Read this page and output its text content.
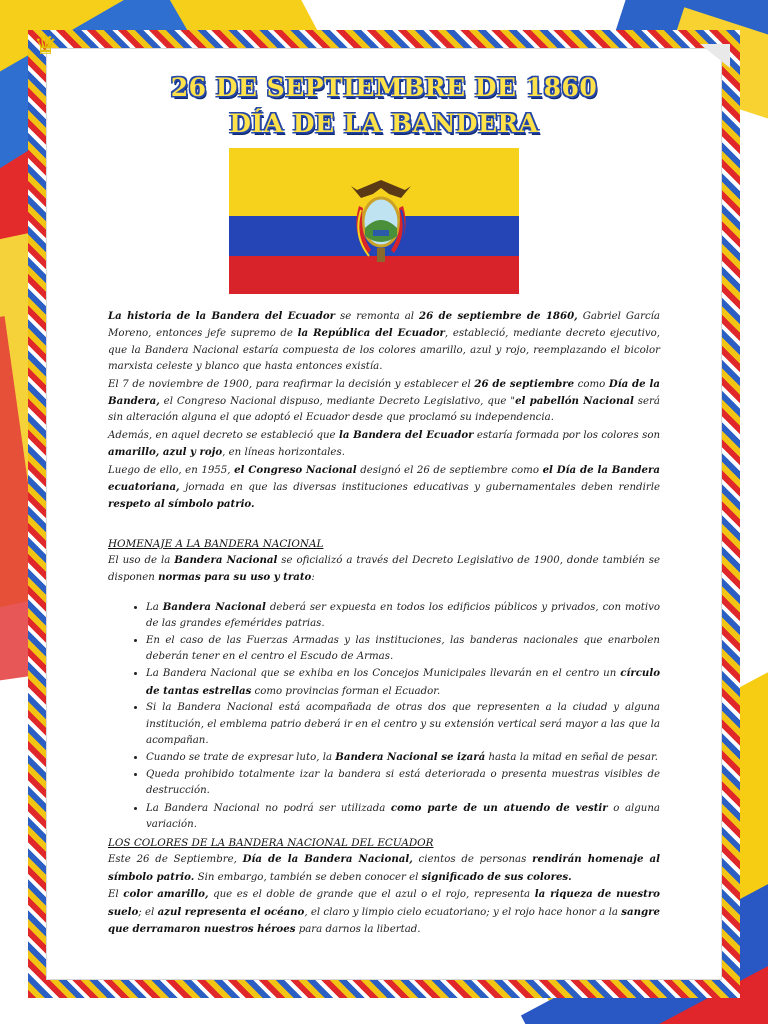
♛
26 DE SEPTIEMBRE DE 1860
DÍA DE LA BANDERA

La historia de la Bandera del Ecuador se remonta al 26 de septiembre de 1860, Gabriel García Moreno, entonces jefe supremo de la República del Ecuador, estableció, mediante decreto ejecutivo, que la Bandera Nacional estaría compuesta de los colores amarillo, azul y rojo, reemplazando el bicolor marxista celeste y blanco que hasta entonces existía.

El 7 de noviembre de 1900, para reafirmar la decisión y establecer el 26 de septiembre como Día de la Bandera, el Congreso Nacional dispuso, mediante Decreto Legislativo, que "el pabellón Nacional será sin alteración alguna el que adoptó el Ecuador desde que proclamó su independencia.

Además, en aquel decreto se estableció que la Bandera del Ecuador estaría formada por los colores son amarillo, azul y rojo, en líneas horizontales.

Luego de ello, en 1955, el Congreso Nacional designó el 26 de septiembre como el Día de la Bandera ecuatoriana, jornada en que las diversas instituciones educativas y gubernamentales deben rendirle respeto al símbolo patrio.

HOMENAJE A LA BANDERA NACIONAL

El uso de la Bandera Nacional se oficializó a través del Decreto Legislativo de 1900, donde también se disponen normas para su uso y trato:

• La Bandera Nacional deberá ser expuesta en todos los edificios públicos y privados, con motivo de las grandes efemérides patrias.
• En el caso de las Fuerzas Armadas y las instituciones, las banderas nacionales que enarbolen deberán tener en el centro el Escudo de Armas.
• La Bandera Nacional que se exhiba en los Concejos Municipales llevarán en el centro un círculo de tantas estrellas como provincias forman el Ecuador.
• Si la Bandera Nacional está acompañada de otras dos que representen a la ciudad y alguna institución, el emblema patrio deberá ir en el centro y su extensión vertical será mayor a las que la acompañan.
• Cuando se trate de expresar luto, la Bandera Nacional se izará hasta la mitad en señal de pesar.
• Queda prohibido totalmente izar la bandera si está deteriorada o presenta muestras visibles de destrucción.
• La Bandera Nacional no podrá ser utilizada como parte de un atuendo de vestir o alguna variación.
LOS COLORES DE LA BANDERA NACIONAL DEL ECUADOR

Este 26 de Septiembre, Día de la Bandera Nacional, cientos de personas rendirán homenaje al símbolo patrio. Sin embargo, también se deben conocer el significado de sus colores.

El color amarillo, que es el doble de grande que el azul o el rojo, representa la riqueza de nuestro suelo; el azul representa el océano, el claro y limpio cielo ecuatoriano; y el rojo hace honor a la sangre que derramaron nuestros héroes para darnos la libertad.
